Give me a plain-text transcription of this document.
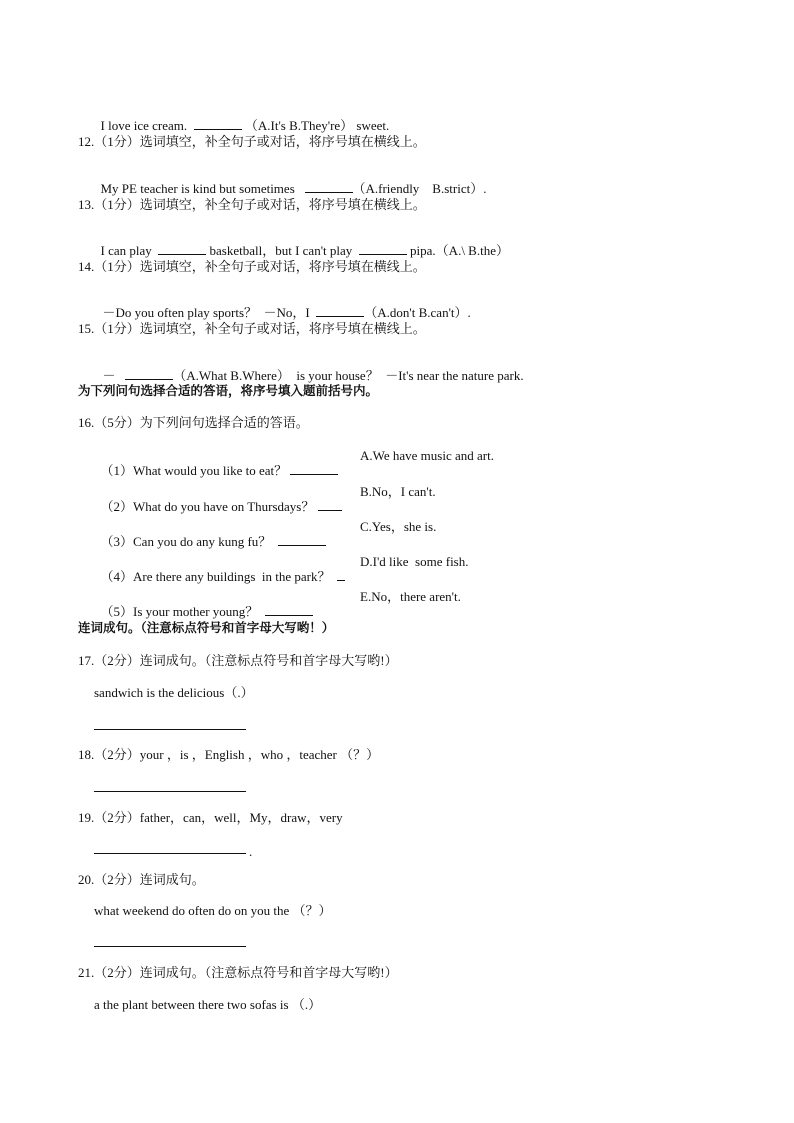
I love ice cream.	（A.It's B.They're） sweet.

12.（1分）选词填空，补全句子或对话，将序号填在横线上。

My PE teacher is kind but sometimes	（A.friendly    B.strict）.

13.（1分）选词填空，补全句子或对话，将序号填在横线上。

I can play	basketball，but I can't play	pipa.（A.\ B.the）

14.（1分）选词填空，补全句子或对话，将序号填在横线上。

－Do you often play sports？  －No，I	（A.don't B.can't）.

15.（1分）选词填空，补全句子或对话，将序号填在横线上。

－	（A.What B.Where）  is your house？  －It's near the nature park.

为下列问句选择合适的答语，将序号填入题前括号内。
16.（5分）为下列问句选择合适的答语。

（1）What would you like to eat？
A.We have music and art.

（2）What do you have on Thursdays？
B.No，I can't.

（3）Can you do any kung fu？
C.Yes，she is.

（4）Are there any buildings  in the park？
D.I'd like  some fish.

（5）Is your mother young？
E.No，there aren't.
连词成句。（注意标点符号和首字母大写哟！）
17.（2分）连词成句。（注意标点符号和首字母大写哟!）
sandwich is the delicious（.）
18.（2分）your ，is ，English ，who ，teacher （？）
19.（2分）father，can，well，My，draw，very
.
20.（2分）连词成句。
what weekend do often do on you the （？）
21.（2分）连词成句。（注意标点符号和首字母大写哟!）
a the plant between there two sofas is （.）
